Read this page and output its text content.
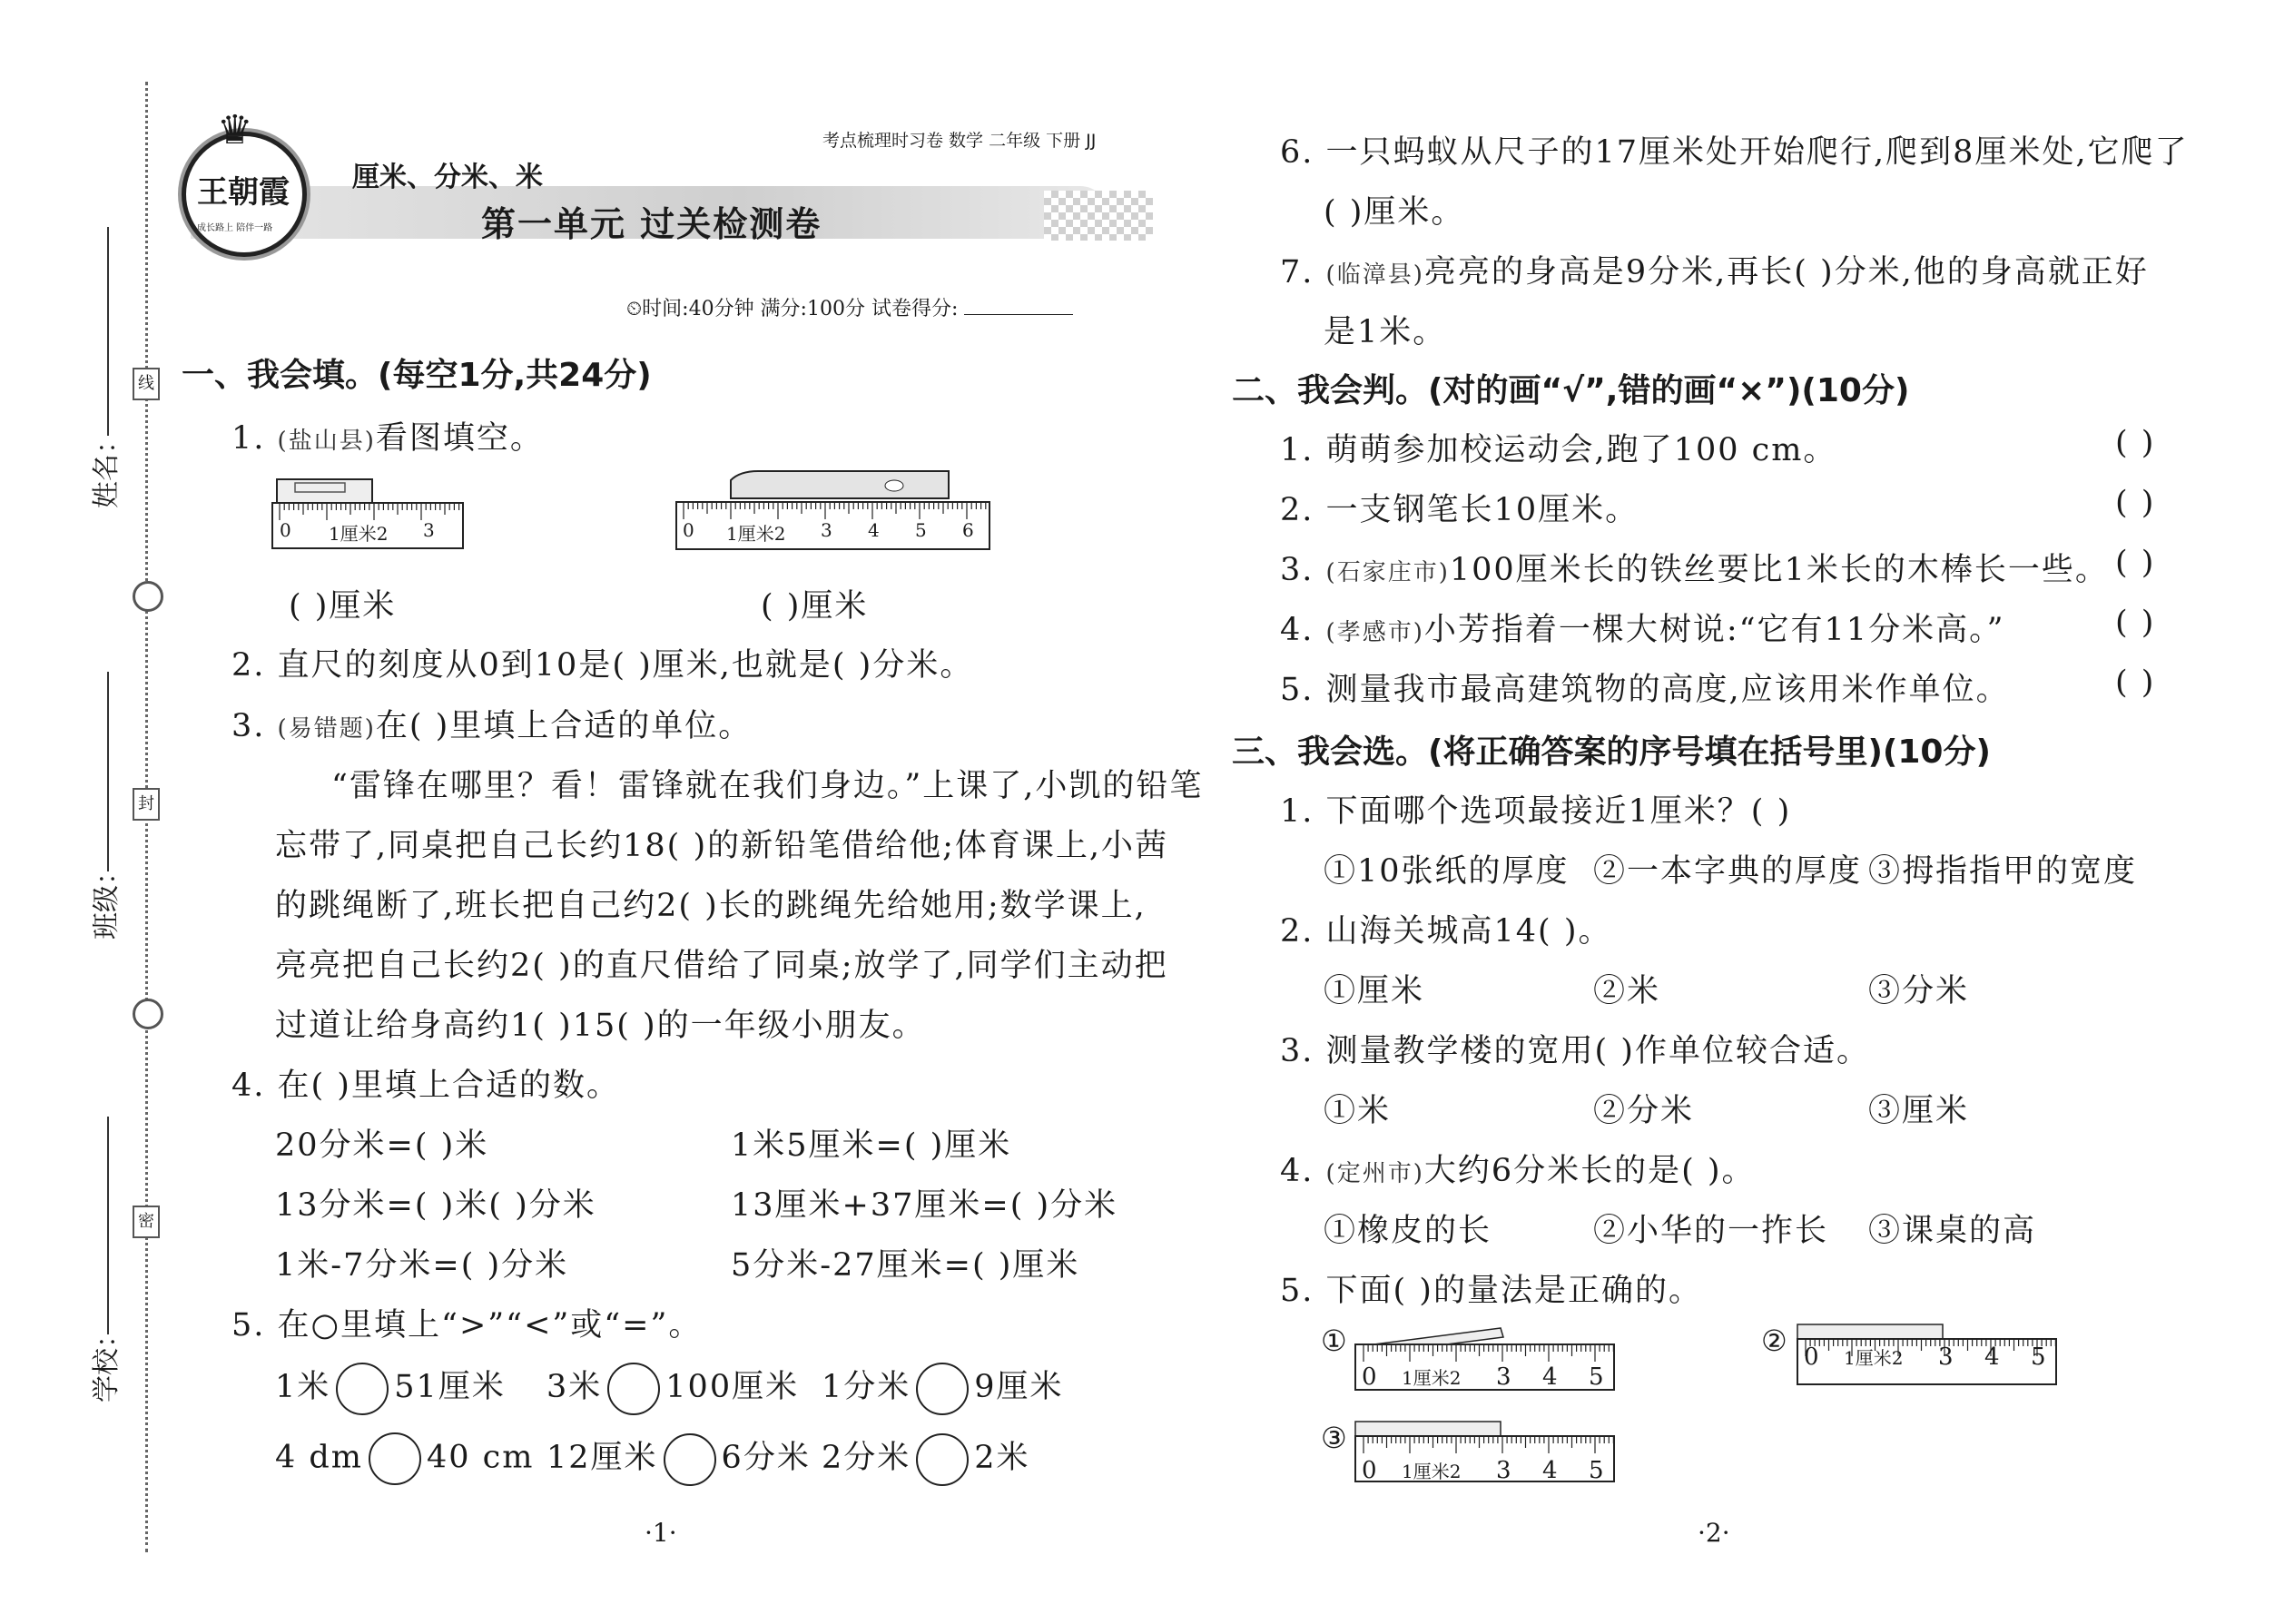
姓名：
线
班级：
封
学校：
密
♛
王朝霞
成长路上 陪伴一路
厘米、分米、米
考点梳理时习卷 数学 二年级 下册 JJ
第一单元 过关检测卷
⏲时间:40分钟 满分:100分 试卷得分:
一、我会填。(每空1分,共24分)
1. (盐山县)看图填空。
0 1厘米2 3	0 1厘米2 3 4 5 6
( )厘米	( )厘米
2. 直尺的刻度从0到10是( )厘米,也就是( )分米。
3. (易错题)在( )里填上合适的单位。
“雷锋在哪里？看！雷锋就在我们身边。”上课了,小凯的铅笔
忘带了,同桌把自己长约18( )的新铅笔借给他;体育课上,小茜
的跳绳断了,班长把自己约2( )长的跳绳先给她用;数学课上,
亮亮把自己长约2( )的直尺借给了同桌;放学了,同学们主动把
过道让给身高约1( )15( )的一年级小朋友。
4. 在( )里填上合适的数。
20分米=( )米	1米5厘米=( )厘米
13分米=( )米( )分米	13厘米+37厘米=( )分米
1米-7分米=( )分米	5分米-27厘米=( )厘米
5. 在○里填上“>”“<”或“=”。
1米 51厘米 3米 100厘米 1分米 9厘米
4 dm 40 cm 12厘米 6分米 2分米 2米
·1·
6. 一只蚂蚁从尺子的17厘米处开始爬行,爬到8厘米处,它爬了
( )厘米。
7. (临漳县)亮亮的身高是9分米,再长( )分米,他的身高就正好
是1米。
二、我会判。(对的画“√”,错的画“×”)(10分)
1. 萌萌参加校运动会,跑了100 cm。	( )
2. 一支钢笔长10厘米。	( )
3. (石家庄市)100厘米长的铁丝要比1米长的木棒长一些。 ( )
4. (孝感市)小芳指着一棵大树说:“它有11分米高。”	( )
5. 测量我市最高建筑物的高度,应该用米作单位。	( )
三、我会选。(将正确答案的序号填在括号里)(10分)
1. 下面哪个选项最接近1厘米？( )
①10张纸的厚度 ②一本字典的厚度 ③拇指指甲的宽度
2. 山海关城高14( )。
①厘米	②米	③分米
3. 测量教学楼的宽用( )作单位较合适。
①米	②分米	③厘米
4. (定州市)大约6分米长的是( )。
①橡皮的长	②小华的一拃长 ③课桌的高
5. 下面( )的量法是正确的。
①	②
③
0 1厘米2 3 4 5
0 1厘米2 3 4 5
0 1厘米2 3 4 5
·2·
